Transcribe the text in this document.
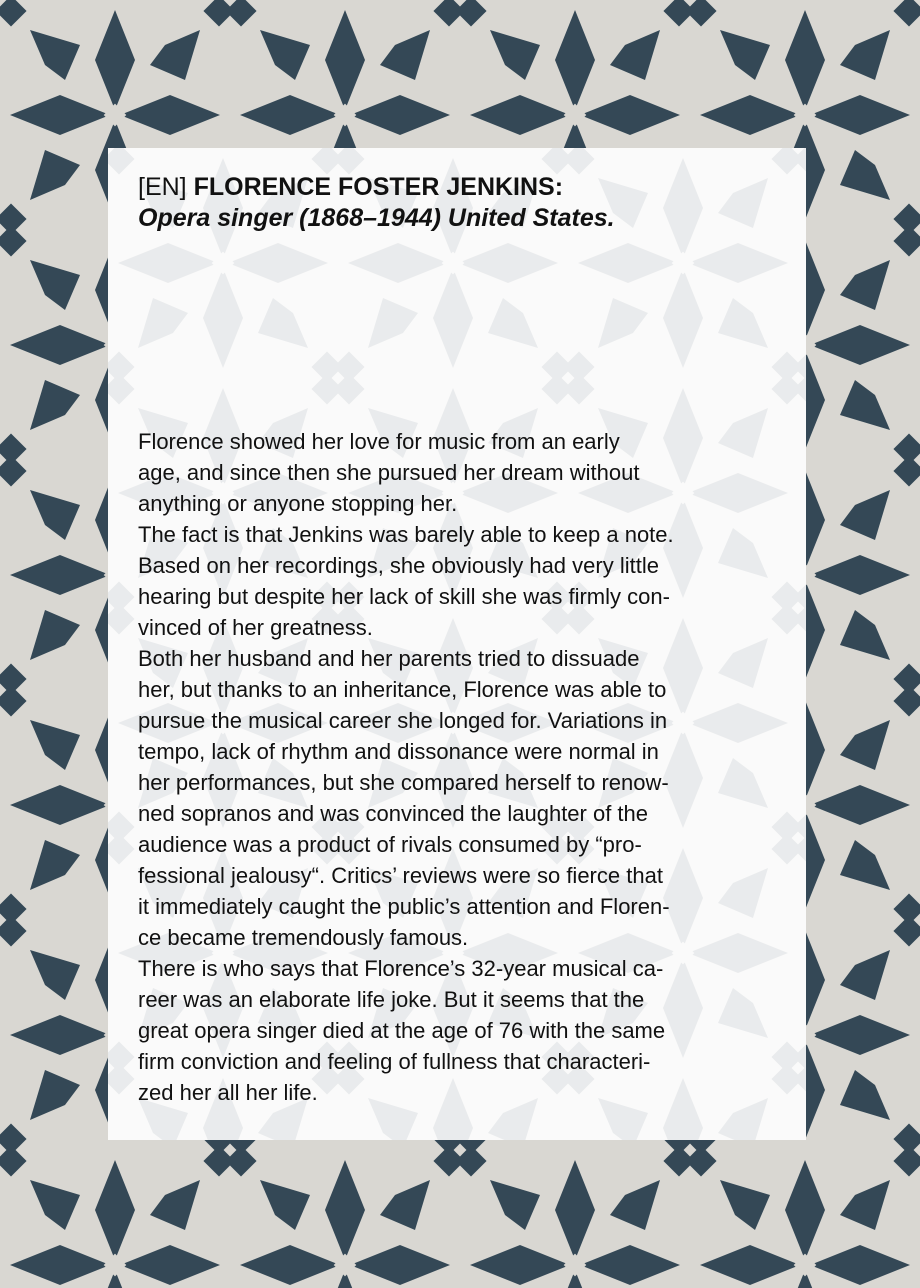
[EN] FLORENCE FOSTER JENKINS:
Opera singer (1868–1944) United States.
Florence showed her love for music from an early
age, and since then she pursued her dream without
anything or anyone stopping her.
The fact is that Jenkins was barely able to keep a note.
Based on her recordings, she obviously had very little
hearing but despite her lack of skill she was firmly con-
vinced of her greatness.
Both her husband and her parents tried to dissuade
her, but thanks to an inheritance, Florence was able to
pursue the musical career she longed for. Variations in
tempo, lack of rhythm and dissonance were normal in
her performances, but she compared herself to renow-
ned sopranos and was convinced the laughter of the
audience was a product of rivals consumed by “pro-
fessional jealousy“. Critics’ reviews were so fierce that
it immediately caught the public’s attention and Floren-
ce became tremendously famous.
There is who says that Florence’s 32-year musical ca-
reer was an elaborate life joke. But it seems that the
great opera singer died at the age of 76 with the same
firm conviction and feeling of fullness that characteri-
zed her all her life.
